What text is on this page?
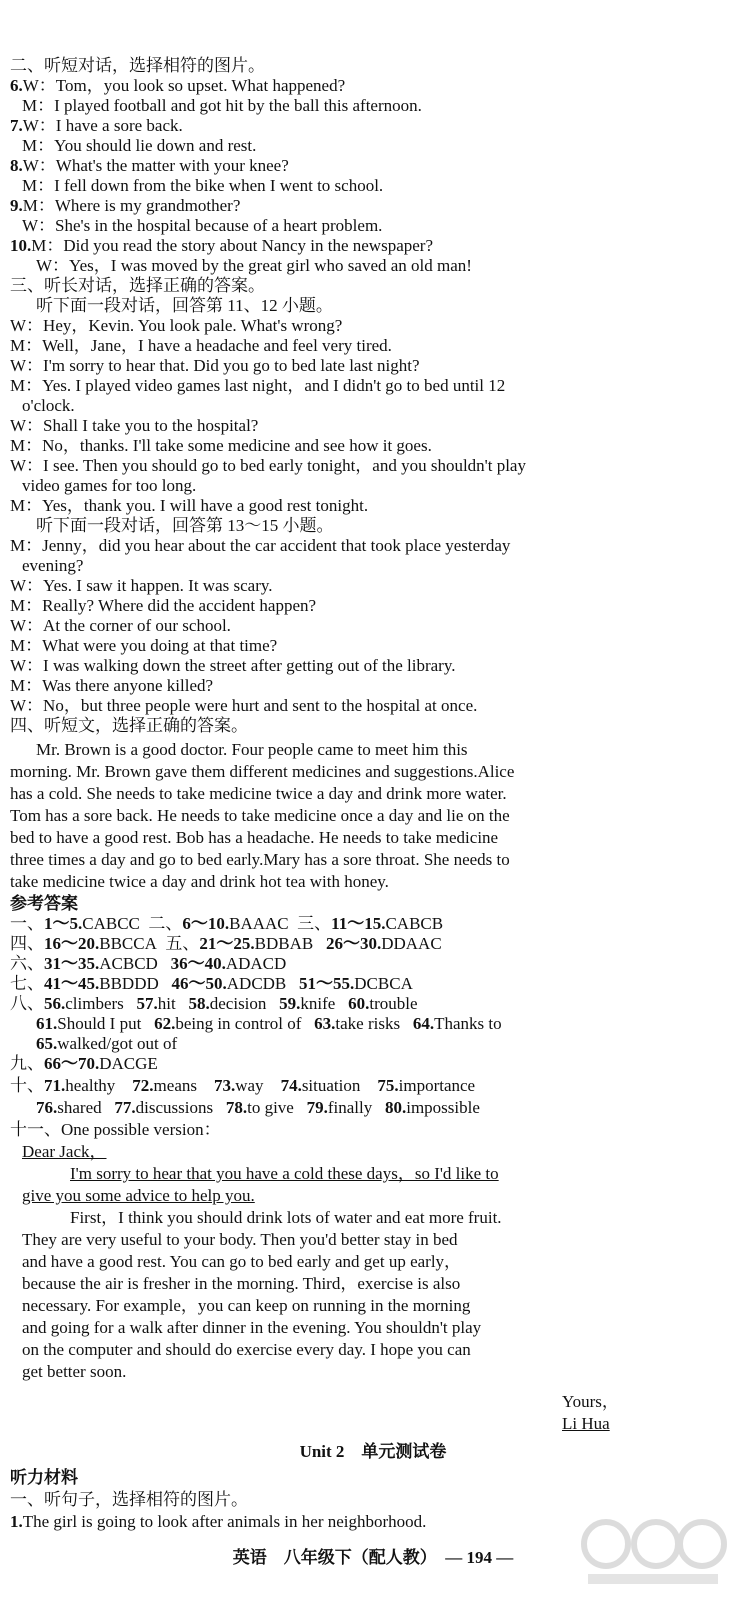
二、听短对话，选择相符的图片。
6.W：Tom，you look so upset. What happened?
M：I played football and got hit by the ball this afternoon.
7.W：I have a sore back.
M：You should lie down and rest.
8.W：What's the matter with your knee?
M：I fell down from the bike when I went to school.
9.M：Where is my grandmother?
W：She's in the hospital because of a heart problem.
10.M：Did you read the story about Nancy in the newspaper?
W：Yes，I was moved by the great girl who saved an old man!
三、听长对话，选择正确的答案。
听下面一段对话，回答第 11、12 小题。
W：Hey，Kevin. You look pale. What's wrong?
M：Well，Jane，I have a headache and feel very tired.
W：I'm sorry to hear that. Did you go to bed late last night?
M：Yes. I played video games last night，and I didn't go to bed until 12
o'clock.
W：Shall I take you to the hospital?
M：No，thanks. I'll take some medicine and see how it goes.
W：I see. Then you should go to bed early tonight，and you shouldn't play
video games for too long.
M：Yes，thank you. I will have a good rest tonight.
听下面一段对话，回答第 13～15 小题。
M：Jenny，did you hear about the car accident that took place yesterday
evening?
W：Yes. I saw it happen. It was scary.
M：Really? Where did the accident happen?
W：At the corner of our school.
M：What were you doing at that time?
W：I was walking down the street after getting out of the library.
M：Was there anyone killed?
W：No，but three people were hurt and sent to the hospital at once.
四、听短文，选择正确的答案。
Mr. Brown is a good doctor. Four people came to meet him this
morning. Mr. Brown gave them different medicines and suggestions.Alice
has a cold. She needs to take medicine twice a day and drink more water.
Tom has a sore back. He needs to take medicine once a day and lie on the
bed to have a good rest. Bob has a headache. He needs to take medicine
three times a day and go to bed early.Mary has a sore throat. She needs to
take medicine twice a day and drink hot tea with honey.
参考答案
一、1～5.CABCC 二、6～10.BAAAC 三、11～15.CABCB
四、16～20.BBCCA 五、21～25.BDBAB 26～30.DDAAC
六、31～35.ACBCD 36～40.ADACD
七、41～45.BBDDD 46～50.ADCDB 51～55.DCBCA
八、56.climbers 57.hit 58.decision 59.knife 60.trouble
61.Should I put 62.being in control of 63.take risks 64.Thanks to
65.walked/got out of
九、66～70.DACGE
十、71.healthy 72.means 73.way 74.situation 75.importance
76.shared 77.discussions 78.to give 79.finally 80.impossible
十一、One possible version：
Dear Jack，
I'm sorry to hear that you have a cold these days，so I'd like to
give you some advice to help you.
First，I think you should drink lots of water and eat more fruit.
They are very useful to your body. Then you'd better stay in bed
and have a good rest. You can go to bed early and get up early，
because the air is fresher in the morning. Third，exercise is also
necessary. For example，you can keep on running in the morning
and going for a walk after dinner in the evening. You shouldn't play
on the computer and should do exercise every day. I hope you can
get better soon.
Yours，
Li Hua
Unit 2　单元测试卷
听力材料
一、听句子，选择相符的图片。
1.The girl is going to look after animals in her neighborhood.
英语　八年级下（配人教）　— 194 —
